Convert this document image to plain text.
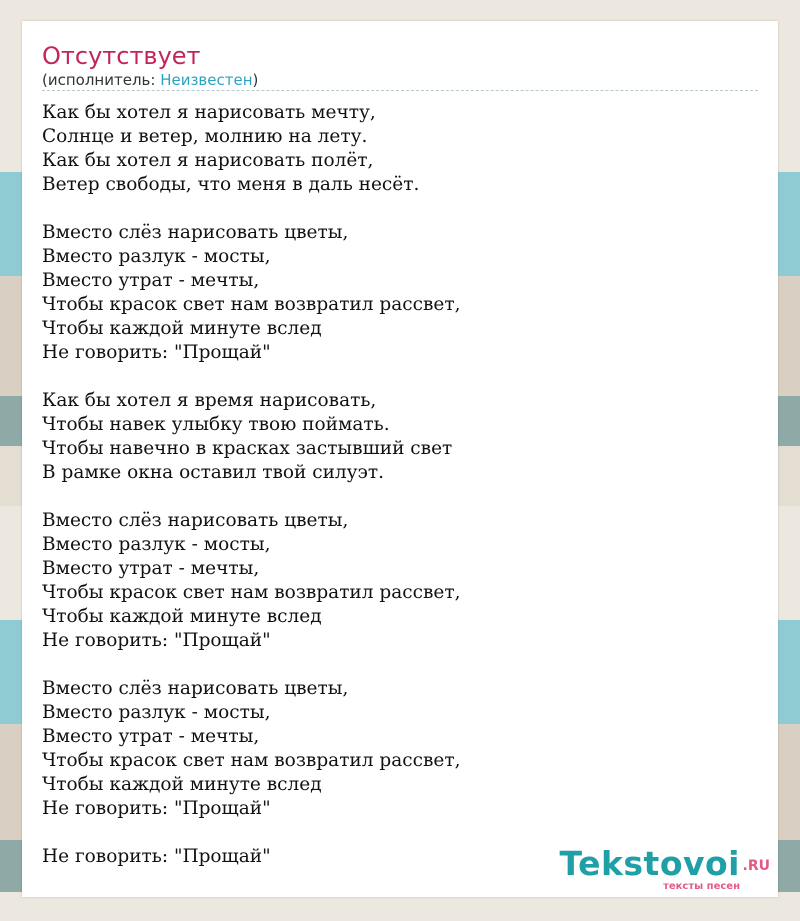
Отсутствует
(исполнитель: Неизвестен)
Как бы хотел я нарисовать мечту,
Солнце и ветер, молнию на лету.
Как бы хотел я нарисовать полёт,
Ветер свободы, что меня в даль несёт.
Вместо слёз нарисовать цветы,
Вместо разлук - мосты,
Вместо утрат - мечты,
Чтобы красок свет нам возвратил рассвет,
Чтобы каждой минуте вслед
Не говорить: "Прощай"
Как бы хотел я время нарисовать,
Чтобы навек улыбку твою поймать.
Чтобы навечно в красках застывший свет
В рамке окна оставил твой силуэт.
Вместо слёз нарисовать цветы,
Вместо разлук - мосты,
Вместо утрат - мечты,
Чтобы красок свет нам возвратил рассвет,
Чтобы каждой минуте вслед
Не говорить: "Прощай"
Вместо слёз нарисовать цветы,
Вместо разлук - мосты,
Вместо утрат - мечты,
Чтобы красок свет нам возвратил рассвет,
Чтобы каждой минуте вслед
Не говорить: "Прощай"
Не говорить: "Прощай"	Tekstovoi .RU
тексты песен
